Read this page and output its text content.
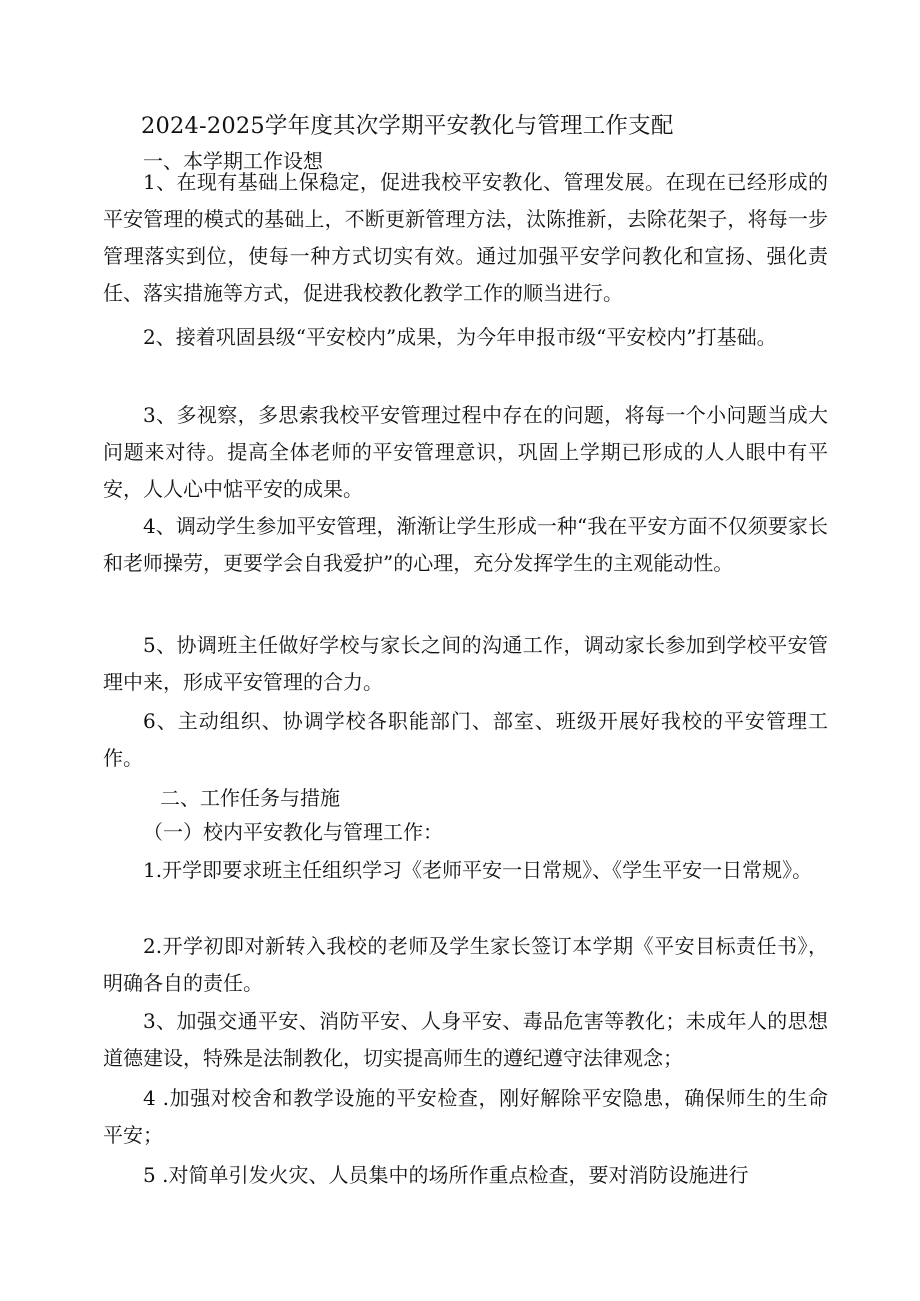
2024-2025学年度其次学期平安教化与管理工作支配
一、本学期工作设想

1、在现有基础上保稳定，促进我校平安教化、管理发展。在现在已经形成的平安管理的模式的基础上，不断更新管理方法，汰陈推新，去除花架子，将每一步管理落实到位，使每一种方式切实有效。通过加强平安学问教化和宣扬、强化责任、落实措施等方式，促进我校教化教学工作的顺当进行。

2、接着巩固县级“平安校内”成果，为今年申报市级“平安校内”打基础。

3、多视察，多思索我校平安管理过程中存在的问题，将每一个小问题当成大问题来对待。提高全体老师的平安管理意识，巩固上学期已形成的人人眼中有平安，人人心中惦平安的成果。

4、调动学生参加平安管理，渐渐让学生形成一种“我在平安方面不仅须要家长和老师操劳，更要学会自我爱护”的心理，充分发挥学生的主观能动性。

5、协调班主任做好学校与家长之间的沟通工作，调动家长参加到学校平安管理中来，形成平安管理的合力。

6、主动组织、协调学校各职能部门、部室、班级开展好我校的平安管理工作。

二、工作任务与措施
（一）校内平安教化与管理工作：

1.开学即要求班主任组织学习《老师平安一日常规》、《学生平安一日常规》。

2.开学初即对新转入我校的老师及学生家长签订本学期《平安目标责任书》，明确各自的责任。

3、加强交通平安、消防平安、人身平安、毒品危害等教化；未成年人的思想道德建设，特殊是法制教化，切实提高师生的遵纪遵守法律观念；

4 .加强对校舍和教学设施的平安检查，刚好解除平安隐患，确保师生的生命平安；

5 .对简单引发火灾、人员集中的场所作重点检查，要对消防设施进行
